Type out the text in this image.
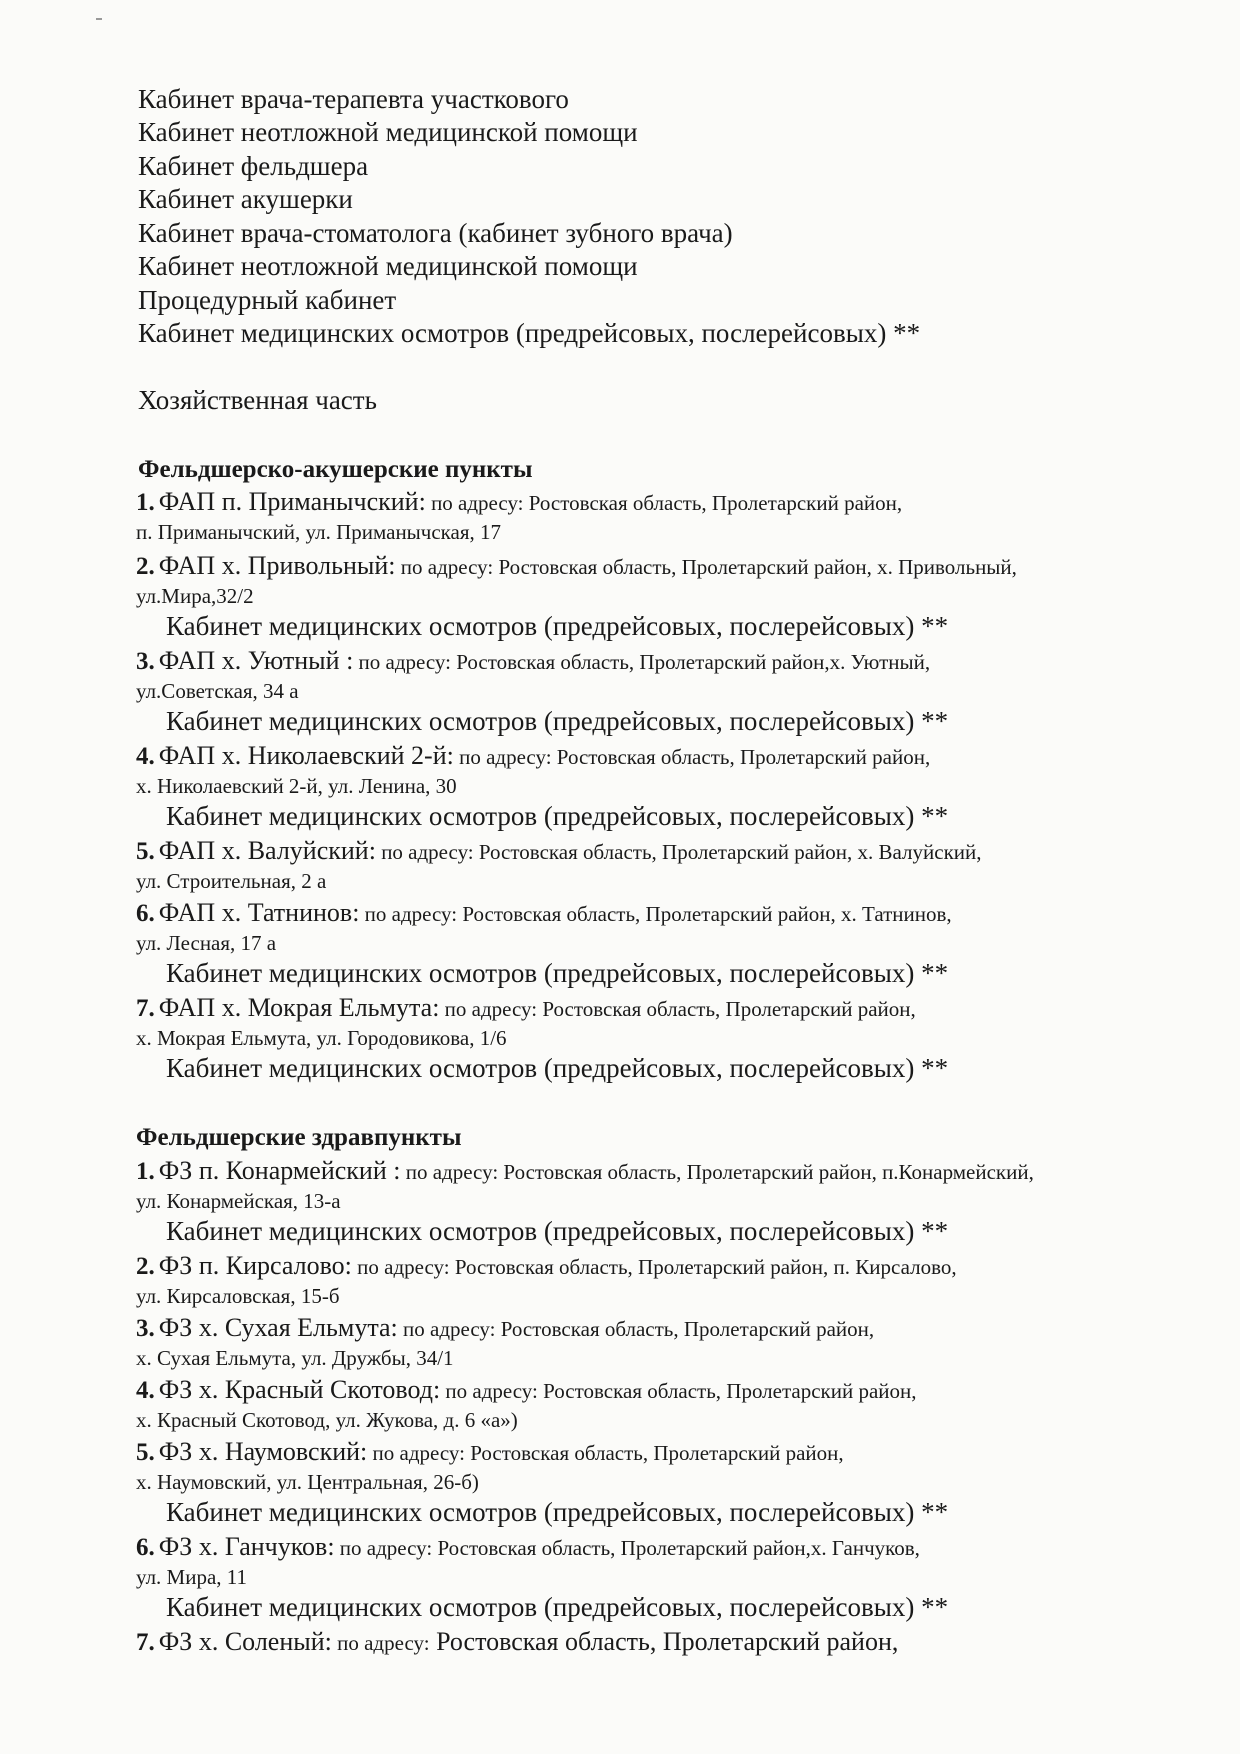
Кабинет врача-терапевта участкового
Кабинет неотложной медицинской помощи
Кабинет фельдшера
Кабинет акушерки
Кабинет врача-стоматолога (кабинет зубного врача)
Кабинет неотложной медицинской помощи
Процедурный кабинет
Кабинет медицинских осмотров (предрейсовых, послерейсовых) **
Хозяйственная часть
Фельдшерско-акушерские пункты
1. ФАП п. Приманычский: по адресу: Ростовская область, Пролетарский район,
п. Приманычский, ул. Приманычская, 17
2. ФАП х. Привольный: по адресу: Ростовская область, Пролетарский район, х. Привольный,
ул.Мира,32/2
Кабинет медицинских осмотров (предрейсовых, послерейсовых) **
3. ФАП х. Уютный : по адресу: Ростовская область, Пролетарский район,х. Уютный,
ул.Советская, 34 а
Кабинет медицинских осмотров (предрейсовых, послерейсовых) **
4. ФАП х. Николаевский 2-й: по адресу: Ростовская область, Пролетарский район,
х. Николаевский 2-й, ул. Ленина, 30
Кабинет медицинских осмотров (предрейсовых, послерейсовых) **
5. ФАП х. Валуйский: по адресу: Ростовская область, Пролетарский район, х. Валуйский,
ул. Строительная, 2 а
6. ФАП х. Татнинов: по адресу: Ростовская область, Пролетарский район, х. Татнинов,
ул. Лесная, 17 а
Кабинет медицинских осмотров (предрейсовых, послерейсовых) **
7. ФАП х. Мокрая Ельмута: по адресу: Ростовская область, Пролетарский район,
х. Мокрая Ельмута, ул. Городовикова, 1/6
Кабинет медицинских осмотров (предрейсовых, послерейсовых) **
Фельдшерские здравпункты
1. ФЗ п. Конармейский : по адресу: Ростовская область, Пролетарский район, п.Конармейский,
ул. Конармейская, 13-а
Кабинет медицинских осмотров (предрейсовых, послерейсовых) **
2. ФЗ п. Кирсалово: по адресу: Ростовская область, Пролетарский район, п. Кирсалово,
ул. Кирсаловская, 15-б
3. ФЗ х. Сухая Ельмута: по адресу: Ростовская область, Пролетарский район,
х. Сухая Ельмута, ул. Дружбы, 34/1
4. ФЗ х. Красный Скотовод: по адресу: Ростовская область, Пролетарский район,
х. Красный Скотовод, ул. Жукова, д. 6 «а»)
5. ФЗ х. Наумовский: по адресу: Ростовская область, Пролетарский район,
х. Наумовский, ул. Центральная, 26-б)
Кабинет медицинских осмотров (предрейсовых, послерейсовых) **
6. ФЗ х. Ганчуков: по адресу: Ростовская область, Пролетарский район,х. Ганчуков,
ул. Мира, 11
Кабинет медицинских осмотров (предрейсовых, послерейсовых) **
7. ФЗ х. Соленый: по адресу: Ростовская область, Пролетарский район,
